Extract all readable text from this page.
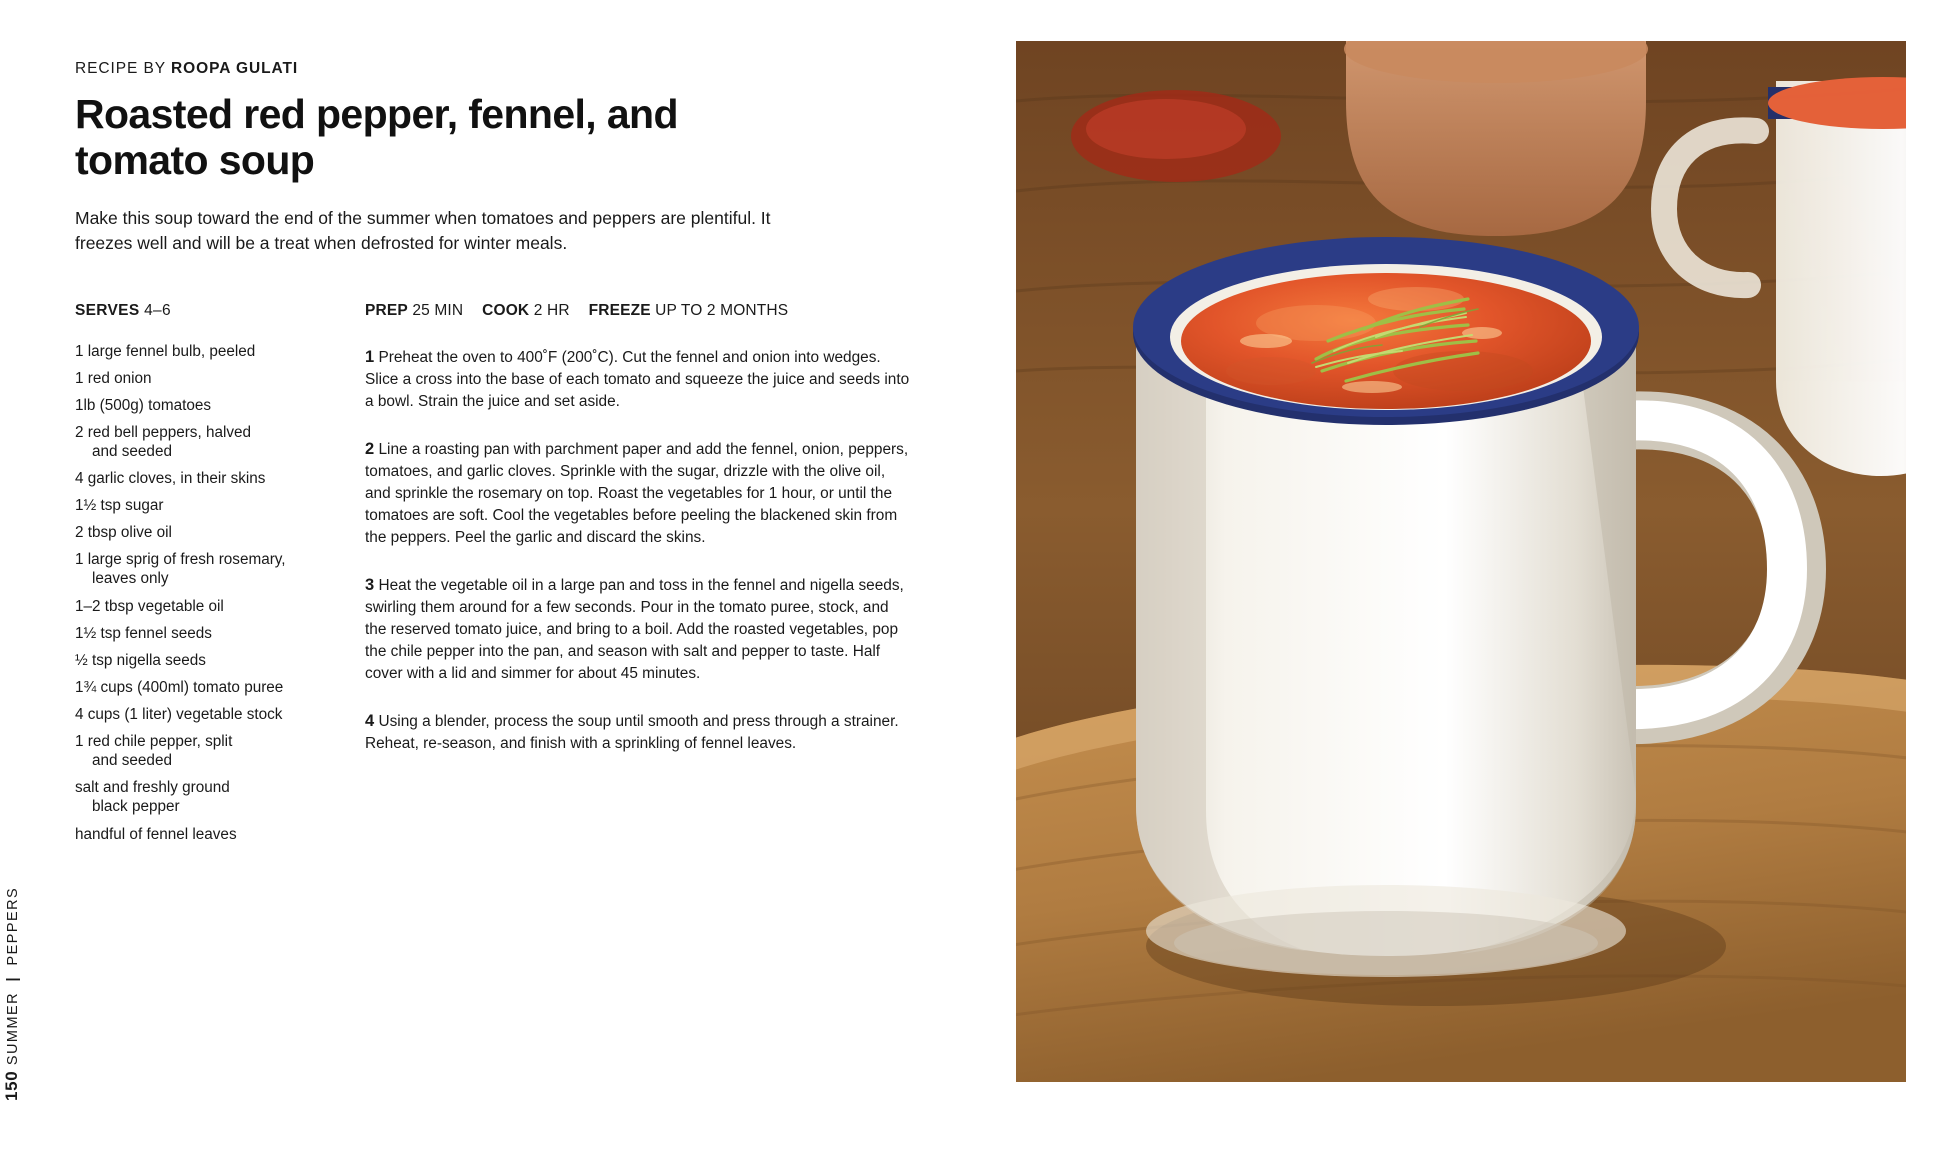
RECIPE BY ROOPA GULATI

Roasted red pepper, fennel, and tomato soup

Make this soup toward the end of the summer when tomatoes and peppers are plentiful. It freezes well and will be a treat when defrosted for winter meals.

SERVES 4–6

1 large fennel bulb, peeled
1 red onion
1lb (500g) tomatoes
2 red bell peppers, halved
and seeded
4 garlic cloves, in their skins
1½ tsp sugar
2 tbsp olive oil
1 large sprig of fresh rosemary,
leaves only
1–2 tbsp vegetable oil
1½ tsp fennel seeds
½ tsp nigella seeds
1¾ cups (400ml) tomato puree
4 cups (1 liter) vegetable stock
1 red chile pepper, split
and seeded
salt and freshly ground
black pepper
handful of fennel leaves

PREP 25 MIN COOK 2 HR FREEZE UP TO 2 MONTHS

1 Preheat the oven to 400˚F (200˚C). Cut the fennel and onion into wedges. Slice a cross into the base of each tomato and squeeze the juice and seeds into a bowl. Strain the juice and set aside.

2 Line a roasting pan with parchment paper and add the fennel, onion, peppers, tomatoes, and garlic cloves. Sprinkle with the sugar, drizzle with the olive oil, and sprinkle the rosemary on top. Roast the vegetables for 1 hour, or until the tomatoes are soft. Cool the vegetables before peeling the blackened skin from the peppers. Peel the garlic and discard the skins.

3 Heat the vegetable oil in a large pan and toss in the fennel and nigella seeds, swirling them around for a few seconds. Pour in the tomato puree, stock, and the reserved tomato juice, and bring to a boil. Add the roasted vegetables, pop the chile pepper into the pan, and season with salt and pepper to taste. Half cover with a lid and simmer for about 45 minutes.

4 Using a blender, process the soup until smooth and press through a strainer. Reheat, re-season, and finish with a sprinkling of fennel leaves.

150 SUMMER | PEPPERS
